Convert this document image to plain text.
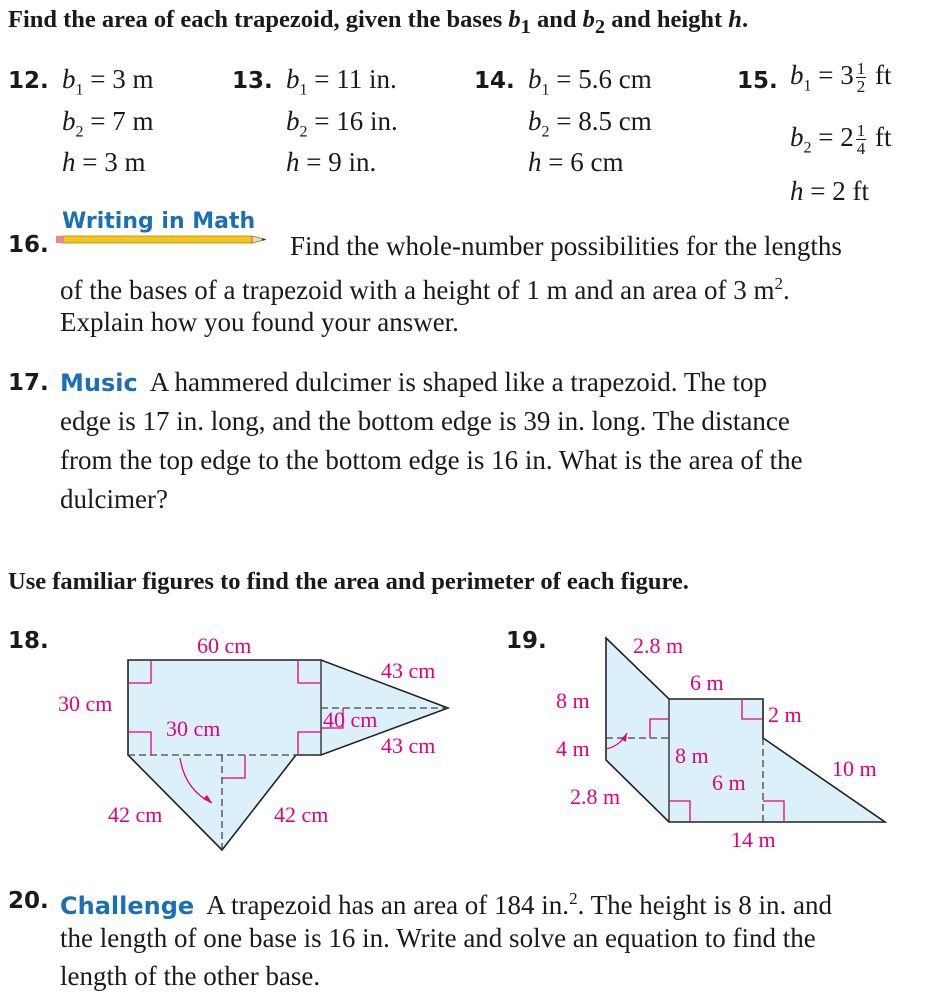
Find the area of each trapezoid, given the bases $b_1$ and $b_2$ and height h.
12. $b_1 = 3$ m
$b_2 = 7$ m
h = 3 m
13. $b_1 = 11$ in.
$b_2 = 16$ in.
h = 9 in.
14. $b_1 = 5.6$ cm
$b_2 = 8.5$ cm
h = 6 cm
15. $b_1 = 3 \frac{1}{2}$ ft
$b_2 = 2 \frac{1}{4}$ ft
h = 2 ft
16.
Writing in Math
Find the whole-number possibilities for the lengths
of the bases of a trapezoid with a height of 1 m and an area of 3 $m^2$.
Explain how you found your answer.
17. Music A hammered dulcimer is shaped like a trapezoid. The top
edge is 17 in. long, and the bottom edge is 39 in. long. The distance
from the top edge to the bottom edge is 16 in. What is the area of the
dulcimer?
Use familiar figures to find the area and perimeter of each figure.
18.	19.
60 cm
30 cm
30 cm	40 cm
43 cm
43 cm
42 cm	42 cm
2.8 m
6 m
8 m
2 m
4 m	8 m
6 m
2.8 m
10 m
14 m
20. Challenge A trapezoid has an area of 184 in.$^2$. The height is 8 in. and
the length of one base is 16 in. Write and solve an equation to find the
length of the other base.
